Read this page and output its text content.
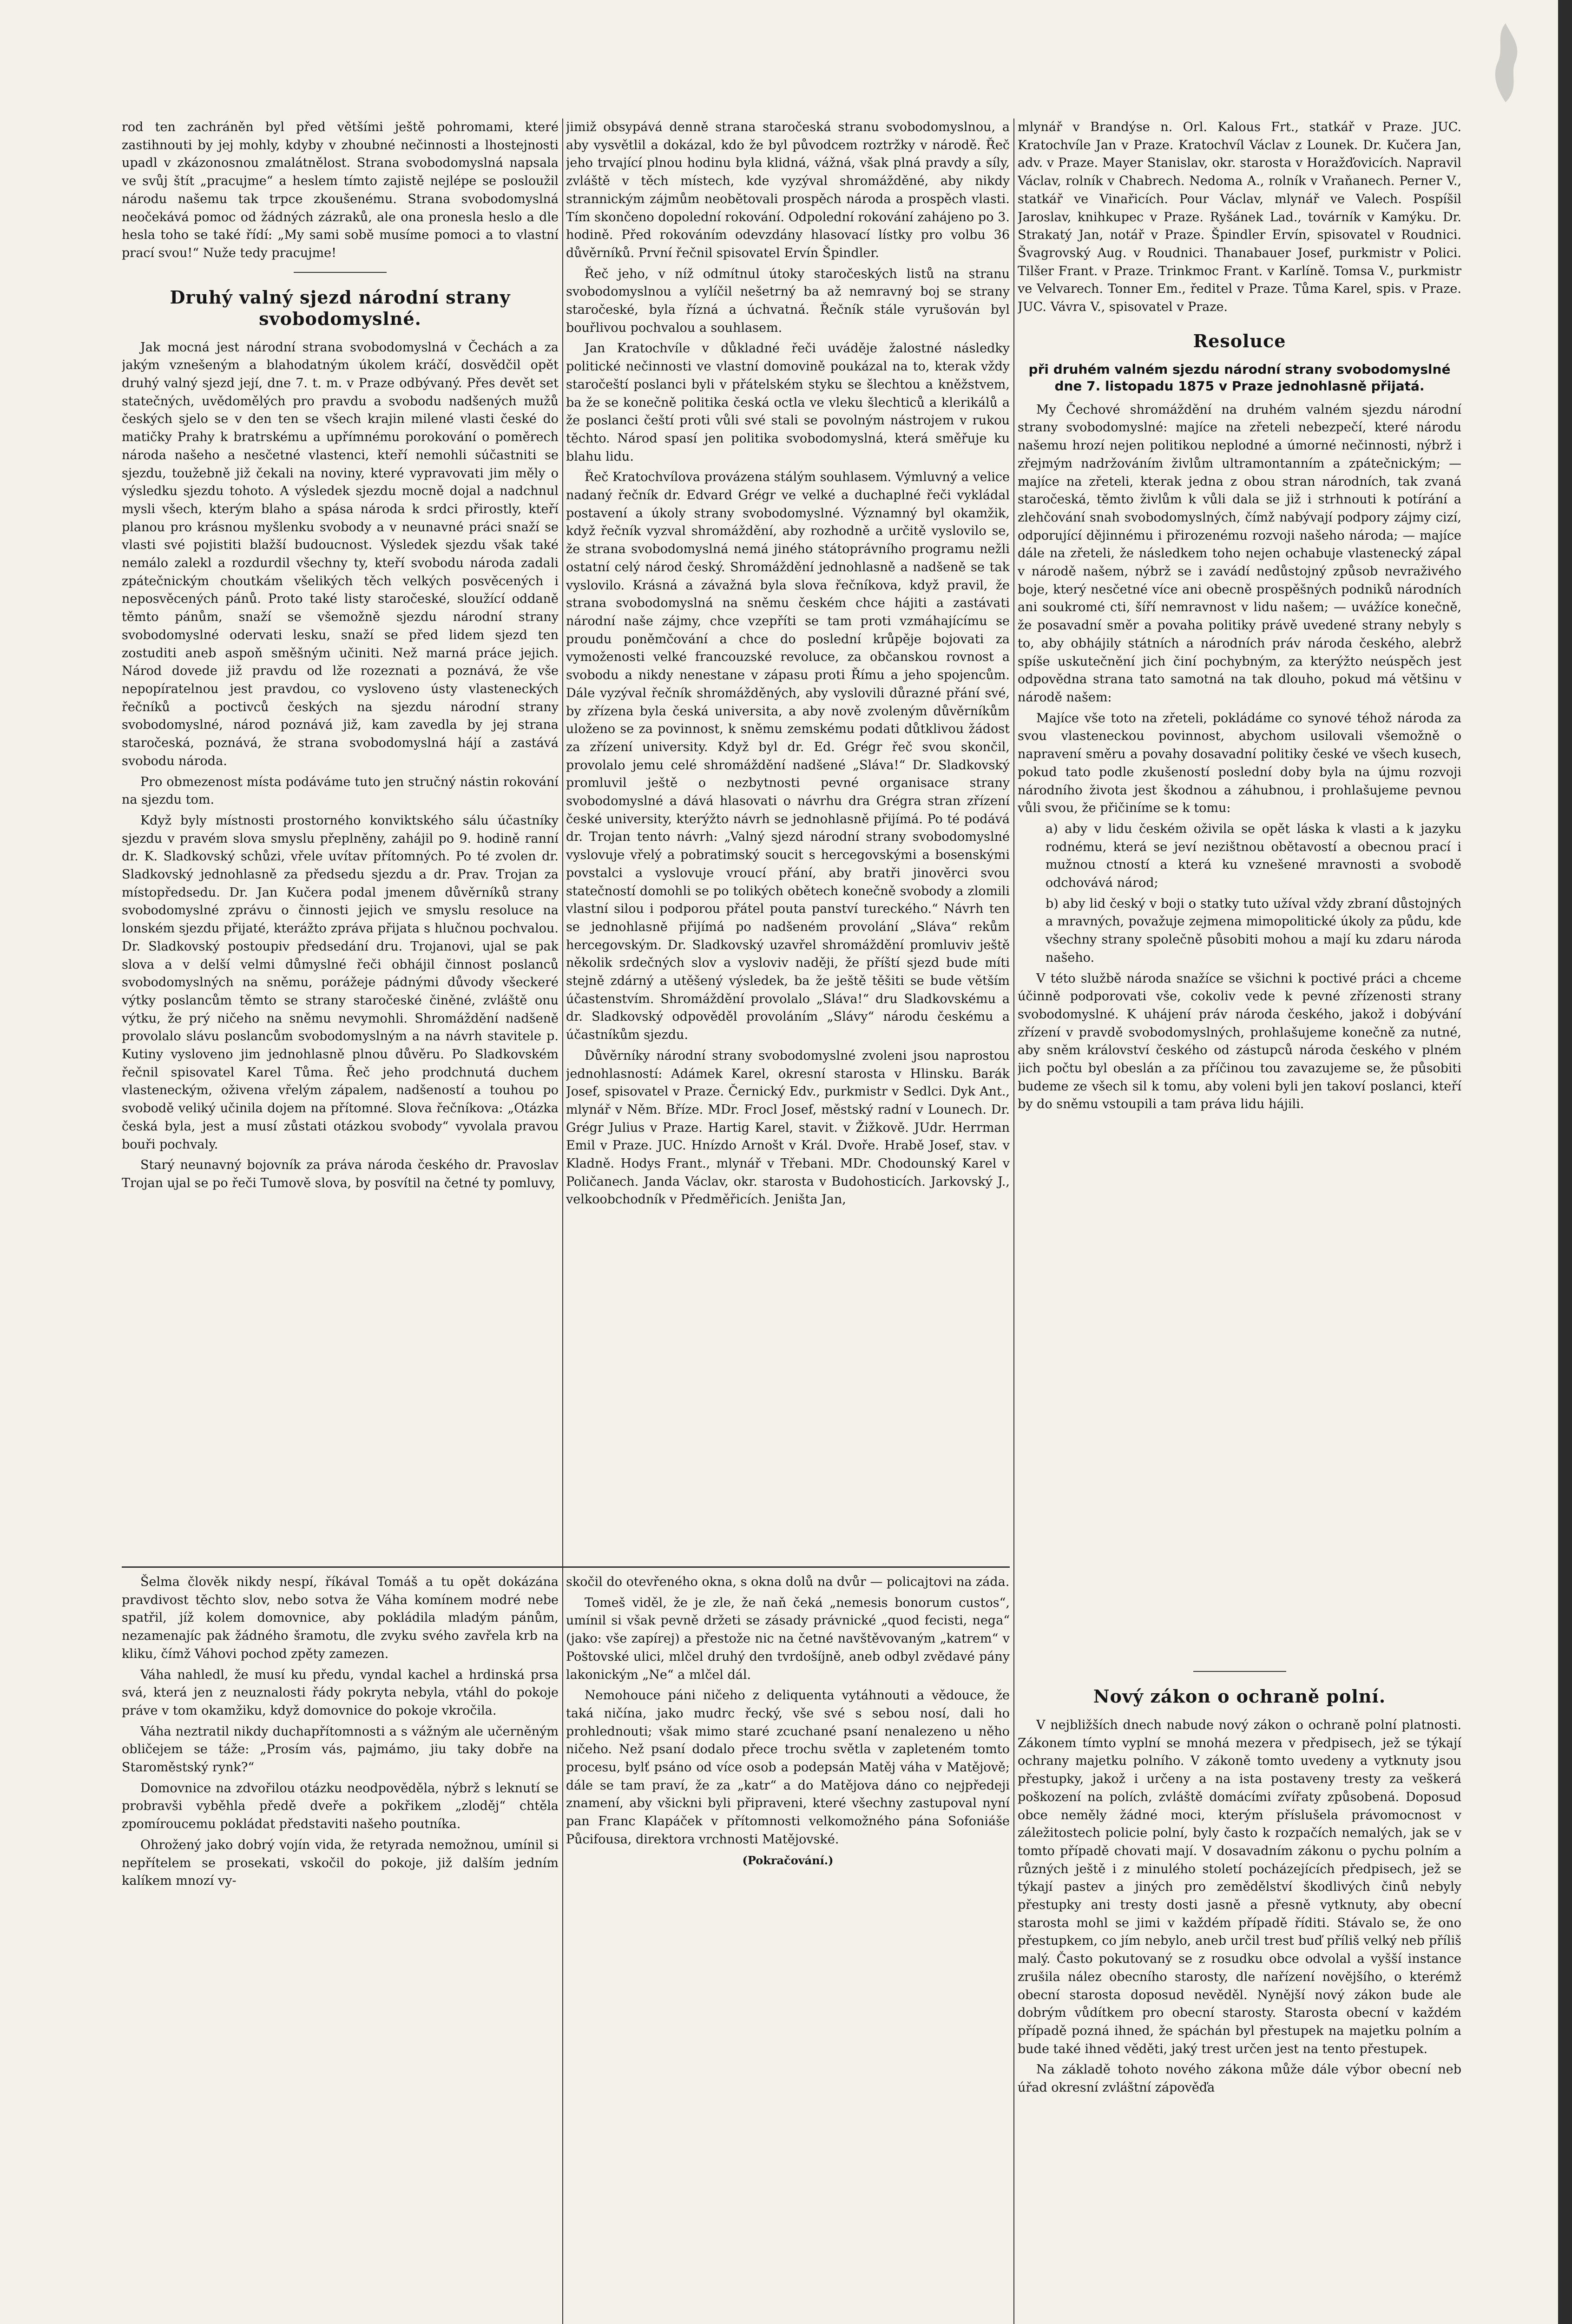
rod ten zachráněn byl před většími ještě pohromami, které zastihnouti by jej mohly, kdyby v zhoubné nečinnosti a lhostejnosti upadl v zkázonosnou zmalátnělost. Strana svobodomyslná napsala ve svůj štít „pracujme“ a heslem tímto zajistě nejlépe se posloužil národu našemu tak trpce zkoušenému. Strana svobodomyslná neočekává pomoc od žádných zázraků, ale ona pronesla heslo a dle hesla toho se také řídí: „My sami sobě musíme pomoci a to vlastní prací svou!“ Nuže tedy pracujme!

Druhý valný sjezd národní strany svobodomyslné.

Jak mocná jest národní strana svobodomyslná v Čechách a za jakým vznešeným a blahodatným úkolem kráčí, dosvědčil opět druhý valný sjezd její, dne 7. t. m. v Praze odbývaný. Přes devět set statečných, uvědomělých pro pravdu a svobodu nadšených mužů českých sjelo se v den ten se všech krajin milené vlasti české do matičky Prahy k bratrskému a upřímnému porokování o poměrech národa našeho a nesčetné vlastenci, kteří nemohli súčastniti se sjezdu, toužebně již čekali na noviny, které vypravovati jim měly o výsledku sjezdu tohoto. A výsledek sjezdu mocně dojal a nadchnul mysli všech, kterým blaho a spása národa k srdci přirostly, kteří planou pro krásnou myšlenku svobody a v neunavné práci snaží se vlasti své pojistiti blažší budoucnost. Výsledek sjezdu však také nemálo zalekl a rozdurdil všechny ty, kteří svobodu národa zadali zpátečnickým choutkám všelikých těch velkých posvěcených i neposvěcených pánů. Proto také listy staročeské, sloužící oddaně těmto pánům, snaží se všemožně sjezdu národní strany svobodomyslné odervati lesku, snaží se před lidem sjezd ten zostuditi aneb aspoň směšným učiniti. Než marná práce jejich. Národ dovede již pravdu od lže rozeznati a poznává, že vše nepopíratelnou jest pravdou, co vysloveno ústy vlasteneckých řečníků a poctivců českých na sjezdu národní strany svobodomyslné, národ poznává již, kam zavedla by jej strana staročeská, poznává, že strana svobodomyslná hájí a zastává svobodu národa.

Pro obmezenost místa podáváme tuto jen stručný nástin rokování na sjezdu tom.

Když byly místnosti prostorného konviktského sálu účastníky sjezdu v pravém slova smyslu přeplněny, zahájil po 9. hodině ranní dr. K. Sladkovský schůzi, vřele uvítav přítomných. Po té zvolen dr. Sladkovský jednohlasně za předsedu sjezdu a dr. Prav. Trojan za místopředsedu. Dr. Jan Kučera podal jmenem důvěrníků strany svobodomyslné zprávu o činnosti jejich ve smyslu resoluce na lonském sjezdu přijaté, kterážto zpráva přijata s hlučnou pochvalou. Dr. Sladkovský postoupiv předsedání dru. Trojanovi, ujal se pak slova a v delší velmi důmyslné řeči obhájil činnost poslanců svobodomyslných na sněmu, porážeje pádnými důvody všeckeré výtky poslancům těmto se strany staročeské činěné, zvláště onu výtku, že prý ničeho na sněmu nevymohli. Shromáždění nadšeně provolalo slávu poslancům svobodomyslným a na návrh stavitele p. Kutiny vysloveno jim jednohlasně plnou důvěru. Po Sladkovském řečnil spisovatel Karel Tůma. Řeč jeho prodchnutá duchem vlasteneckým, oživena vřelým zápalem, nadšeností a touhou po svobodě veliký učinila dojem na přítomné. Slova řečníkova: „Otázka česká byla, jest a musí zůstati otázkou svobody“ vyvolala pravou bouři pochvaly.

Starý neunavný bojovník za práva národa českého dr. Pravoslav Trojan ujal se po řeči Tumově slova, by posvítil na četné ty pomluvy,

jimiž obsypává denně strana staročeská stranu svobodomyslnou, a aby vysvětlil a dokázal, kdo že byl původcem roztržky v národě. Řeč jeho trvající plnou hodinu byla klidná, vážná, však plná pravdy a síly, zvláště v těch místech, kde vyzýval shromážděné, aby nikdy strannickým zájmům neobětovali prospěch národa a prospěch vlasti. Tím skončeno dopolední rokování. Odpolední rokování zahájeno po 3. hodině. Před rokováním odevzdány hlasovací lístky pro volbu 36 důvěrníků. První řečnil spisovatel Ervín Špindler.

Řeč jeho, v níž odmítnul útoky staročeských listů na stranu svobodomyslnou a vylíčil nešetrný ba až nemravný boj se strany staročeské, byla řízná a úchvatná. Řečník stále vyrušován byl bouřlivou pochvalou a souhlasem.

Jan Kratochvíle v důkladné řeči uváděje žalostné následky politické nečinnosti ve vlastní domovině poukázal na to, kterak vždy staročeští poslanci byli v přátelském styku se šlechtou a kněžstvem, ba že se konečně politika česká octla ve vleku šlechticů a klerikálů a že poslanci čeští proti vůli své stali se povolným nástrojem v rukou těchto. Národ spasí jen politika svobodomyslná, která směřuje ku blahu lidu.

Řeč Kratochvílova provázena stálým souhlasem. Výmluvný a velice nadaný řečník dr. Edvard Grégr ve velké a duchaplné řeči vykládal postavení a úkoly strany svobodomyslné. Významný byl okamžik, když řečník vyzval shromáždění, aby rozhodně a určitě vyslovilo se, že strana svobodomyslná nemá jiného státoprávního programu nežli ostatní celý národ český. Shromáždění jednohlasně a nadšeně se tak vyslovilo. Krásná a závažná byla slova řečníkova, když pravil, že strana svobodomyslná na sněmu českém chce hájiti a zastávati národní naše zájmy, chce vzepříti se tam proti vzmáhajícímu se proudu poněmčování a chce do poslední krůpěje bojovati za vymoženosti velké francouzské revoluce, za občanskou rovnost a svobodu a nikdy nenestane v zápasu proti Římu a jeho spojencům. Dále vyzýval řečník shromážděných, aby vyslovili důrazné přání své, by zřízena byla česká universita, a aby nově zvoleným důvěrníkům uloženo se za povinnost, k sněmu zemskému podati důtklivou žádost za zřízení university. Když byl dr. Ed. Grégr řeč svou skončil, provolalo jemu celé shromáždění nadšené „Sláva!“ Dr. Sladkovský promluvil ještě o nezbytnosti pevné organisace strany svobodomyslné a dává hlasovati o návrhu dra Grégra stran zřízení české university, kterýžto návrh se jednohlasně přijímá. Po té podává dr. Trojan tento návrh: „Valný sjezd národní strany svobodomyslné vyslovuje vřelý a pobratimský soucit s hercegovskými a bosenskými povstalci a vyslovuje vroucí přání, aby bratři jinověrci svou statečností domohli se po tolikých obětech konečně svobody a zlomili vlastní silou i podporou přátel pouta panství tureckého.“ Návrh ten se jednohlasně přijímá po nadšeném provolání „Sláva“ rekům hercegovským. Dr. Sladkovský uzavřel shromáždění promluviv ještě několik srdečných slov a vysloviv naději, že příští sjezd bude míti stejně zdárný a utěšený výsledek, ba že ještě těšiti se bude větším účastenstvím. Shromáždění provolalo „Sláva!“ dru Sladkovskému a dr. Sladkovský odpověděl provoláním „Slávy“ národu českému a účastníkům sjezdu.

Důvěrníky národní strany svobodomyslné zvoleni jsou naprostou jednohlasností: Adámek Karel, okresní starosta v Hlinsku. Barák Josef, spisovatel v Praze. Černický Edv., purkmistr v Sedlci. Dyk Ant., mlynář v Něm. Bříze. MDr. Frocl Josef, městský radní v Lounech. Dr. Grégr Julius v Praze. Hartig Karel, stavit. v Žižkově. JUdr. Herrman Emil v Praze. JUC. Hnízdo Arnošt v Král. Dvoře. Hrabě Josef, stav. v Kladně. Hodys Frant., mlynář v Třebani. MDr. Chodounský Karel v Poličanech. Janda Václav, okr. starosta v Budohosticích. Jarkovský J., velkoobchodník v Předměřicích. Jeništa Jan,

mlynář v Brandýse n. Orl. Kalous Frt., statkář v Praze. JUC. Kratochvíle Jan v Praze. Kratochvíl Václav z Lounek. Dr. Kučera Jan, adv. v Praze. Mayer Stanislav, okr. starosta v Horažďovicích. Napravil Václav, rolník v Chabrech. Nedoma A., rolník v Vraňanech. Perner V., statkář ve Vinařicích. Pour Václav, mlynář ve Valech. Pospíšil Jaroslav, knihkupec v Praze. Ryšánek Lad., továrník v Kamýku. Dr. Strakatý Jan, notář v Praze. Špindler Ervín, spisovatel v Roudnici. Švagrovský Aug. v Roudnici. Thanabauer Josef, purkmistr v Polici. Tilšer Frant. v Praze. Trinkmoc Frant. v Karlíně. Tomsa V., purkmistr ve Velvarech. Tonner Em., ředitel v Praze. Tůma Karel, spis. v Praze. JUC. Vávra V., spisovatel v Praze.

Resoluce
při druhém valném sjezdu národní strany svobodomyslné dne 7. listopadu 1875 v Praze jednohlasně přijatá.

My Čechové shromáždění na druhém valném sjezdu národní strany svobodomyslné: majíce na zřeteli nebezpečí, které národu našemu hrozí nejen politikou neplodné a úmorné nečinnosti, nýbrž i zřejmým nadržováním živlům ultramontanním a zpátečnickým; — majíce na zřeteli, kterak jedna z obou stran národních, tak zvaná staročeská, těmto živlům k vůli dala se již i strhnouti k potírání a zlehčování snah svobodomyslných, čímž nabývají podpory zájmy cizí, odporující dějinnému i přirozenému rozvoji našeho národa; — majíce dále na zřeteli, že následkem toho nejen ochabuje vlastenecký zápal v národě našem, nýbrž se i zavádí nedůstojný způsob nevraživého boje, který nesčetné více ani obecně prospěšných podniků národních ani soukromé cti, šíří nemravnost v lidu našem; — uvážíce konečně, že posavadní směr a povaha politiky právě uvedené strany nebyly s to, aby obhájily státních a národních práv národa českého, alebrž spíše uskutečnění jich činí pochybným, za kterýžto neúspěch jest odpovědna strana tato samotná na tak dlouho, pokud má většinu v národě našem:

Majíce vše toto na zřeteli, pokládáme co synové téhož národa za svou vlasteneckou povinnost, abychom usilovali všemožně o napravení směru a povahy dosavadní politiky české ve všech kusech, pokud tato podle zkušeností poslední doby byla na újmu rozvoji národního života jest škodnou a záhubnou, i prohlašujeme pevnou vůli svou, že přičiníme se k tomu:

a) aby v lidu českém oživila se opět láska k vlasti a k jazyku rodnému, která se jeví nezištnou obětavostí a obecnou prací i mužnou ctností a která ku vznešené mravnosti a svobodě odchovává národ;

b) aby lid český v boji o statky tuto užíval vždy zbraní důstojných a mravných, považuje zejmena mimopolitické úkoly za půdu, kde všechny strany společně působiti mohou a mají ku zdaru národa našeho.

V této službě národa snažíce se všichni k poctivé práci a chceme účinně podporovati vše, cokoliv vede k pevné zřízenosti strany svobodomyslné. K uhájení práv národa českého, jakož i dobývání zřízení v pravdě svobodomyslných, prohlašujeme konečně za nutné, aby sněm království českého od zástupců národa českého v plném jich počtu byl obeslán a za příčinou tou zavazujeme se, že působiti budeme ze všech sil k tomu, aby voleni byli jen takoví poslanci, kteří by do sněmu vstoupili a tam práva lidu hájili.

Šelma člověk nikdy nespí, říkával Tomáš a tu opět dokázána pravdivost těchto slov, nebo sotva že Váha komínem modré nebe spatřil, jíž kolem domovnice, aby pokládila mladým pánům, nezamenajíc pak žádného šramotu, dle zvyku svého zavřela krb na kliku, čímž Váhovi pochod zpěty zamezen.

Váha nahledl, že musí ku předu, vyndal kachel a hrdinská prsa svá, která jen z neuznalosti řády pokryta nebyla, vtáhl do pokoje práve v tom okamžiku, když domovnice do pokoje vkročila.

Váha neztratil nikdy duchapřítomnosti a s vážným ale učerněným obličejem se táže: „Prosím vás, pajmámo, jiu taky dobře na Staroměstský rynk?“

Domovnice na zdvořilou otázku neodpověděla, nýbrž s leknutí se probravši vyběhla předě dveře a pokřikem „zloděj“ chtěla zpomíroucemu pokládat představiti našeho poutníka.

Ohrožený jako dobrý vojín vida, že retyrada nemožnou, umínil si nepřítelem se prosekati, vskočil do pokoje, již dalším jedním kalíkem mnozí vy-

skočil do otevřeného okna, s okna dolů na dvůr — policajtovi na záda.

Tomeš viděl, že je zle, že naň čeká „nemesis bonorum custos“, umínil si však pevně držeti se zásady právnické „quod fecisti, nega“ (jako: vše zapírej) a přestože nic na četné navštěvovaným „katrem“ v Poštovské ulici, mlčel druhý den tvrdošíjně, aneb odbyl zvědavé pány lakonickým „Ne“ a mlčel dál.

Nemohouce páni ničeho z deliquenta vytáhnouti a vědouce, že taká ničína, jako mudrc řecký, vše své s sebou nosí, dali ho prohlednouti; však mimo staré zcuchané psaní nenalezeno u něho ničeho. Než psaní dodalo přece trochu světla v zapleteném tomto procesu, bylť psáno od více osob a podepsán Matěj váha v Matějově; dále se tam praví, že za „katr“ a do Matějova dáno co nejpředeji znamení, aby všickni byli připraveni, které všechny zastupoval nyní pan Franc Klapáček v přítomnosti velkomožného pána Sofoniáše Půcifousa, direktora vrchnosti Matějovské.

(Pokračování.)

Nový zákon o ochraně polní.

V nejbližších dnech nabude nový zákon o ochraně polní platnosti. Zákonem tímto vyplní se mnohá mezera v předpisech, jež se týkají ochrany majetku polního. V zákoně tomto uvedeny a vytknuty jsou přestupky, jakož i určeny a na ista postaveny tresty za veškerá poškození na polích, zvláště domácími zvířaty způsobená. Doposud obce neměly žádné moci, kterým příslušela právomocnost v záležitostech policie polní, byly často k rozpačích nemalých, jak se v tomto případě chovati mají. V dosavadním zákonu o pychu polním a různých ještě i z minulého století pocházejících předpisech, jež se týkají pastev a jiných pro zemědělství škodlivých činů nebyly přestupky ani tresty dosti jasně a přesně vytknuty, aby obecní starosta mohl se jimi v každém případě říditi. Stávalo se, že ono přestupkem, co jím nebylo, aneb určil trest buď příliš velký neb příliš malý. Často pokutovaný se z rosudku obce odvolal a vyšší instance zrušila nález obecního starosty, dle nařízení novějšího, o kterémž obecní starosta doposud nevěděl. Nynější nový zákon bude ale dobrým vůdítkem pro obecní starosty. Starosta obecní v každém případě pozná ihned, že spáchán byl přestupek na majetku polním a bude také ihned věděti, jaký trest určen jest na tento přestupek.

Na základě tohoto nového zákona může dále výbor obecní neb úřad okresní zvláštní zápověďa
